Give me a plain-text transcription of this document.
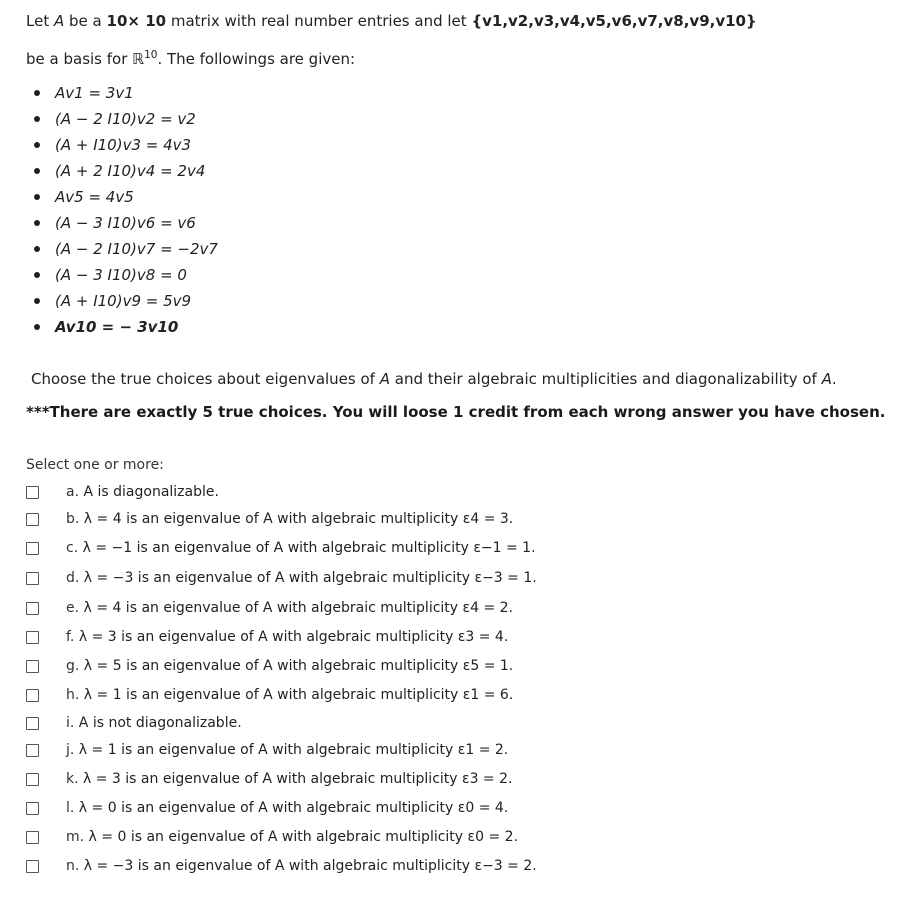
Let A be a 10× 10 matrix with real number entries and let {v1,v2,v3,v4,v5,v6,v7,v8,v9,v10}
be a basis for ℝ$^{10}$. The followings are given:
Av1 = 3v1
(A − 2 I10)v2 = v2
(A + I10)v3 = 4v3
(A + 2 I10)v4 = 2v4
Av5 = 4v5
(A − 3 I10)v6 = v6
(A − 2 I10)v7 = −2v7
(A − 3 I10)v8 = 0
(A + I10)v9 = 5v9
Av10 = − 3v10
Choose the true choices about eigenvalues of A and their algebraic multiplicities and diagonalizability of A.
***There are exactly 5 true choices. You will loose 1 credit from each wrong answer you have chosen.
Select one or more:
a.
A is diagonalizable.
b.
λ = 4 is an eigenvalue of A with algebraic multiplicity ε4 = 3.
c.
λ = −1 is an eigenvalue of A with algebraic multiplicity ε−1 = 1.
d.
λ = −3 is an eigenvalue of A with algebraic multiplicity ε−3 = 1.
e.
λ = 4 is an eigenvalue of A with algebraic multiplicity ε4 = 2.
f.
λ = 3 is an eigenvalue of A with algebraic multiplicity ε3 = 4.
g.
λ = 5 is an eigenvalue of A with algebraic multiplicity ε5 = 1.
h.
λ = 1 is an eigenvalue of A with algebraic multiplicity ε1 = 6.
i.
A is not diagonalizable.
j.
λ = 1 is an eigenvalue of A with algebraic multiplicity ε1 = 2.
k.
λ = 3 is an eigenvalue of A with algebraic multiplicity ε3 = 2.
l.
λ = 0 is an eigenvalue of A with algebraic multiplicity ε0 = 4.
m.
λ = 0 is an eigenvalue of A with algebraic multiplicity ε0 = 2.
n.
λ = −3 is an eigenvalue of A with algebraic multiplicity ε−3 = 2.
